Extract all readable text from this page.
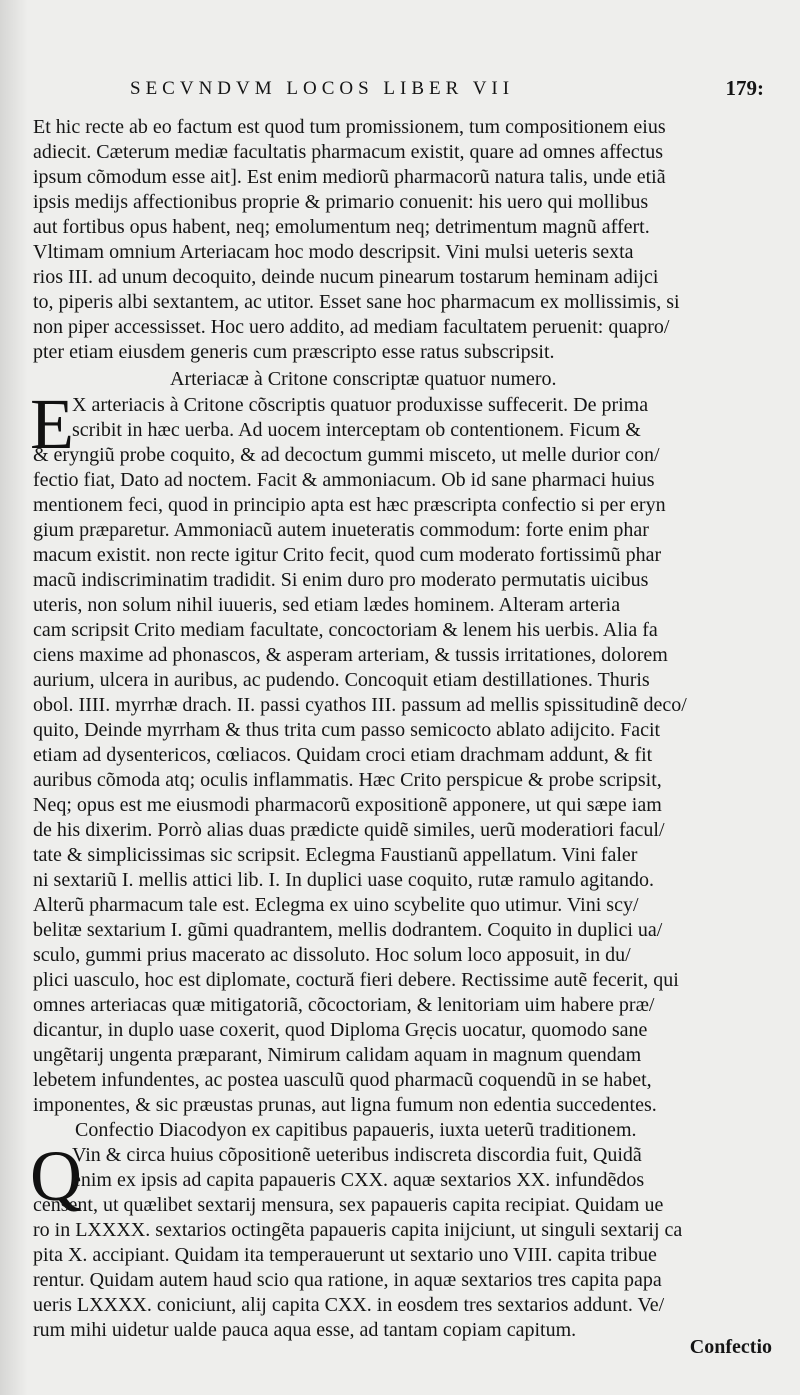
SECVNDVM LOCOS LIBER VII	179:
Et hic recte ab eo factum est quod tum promissionem, tum compositionem eius
adiecit. Cæterum mediæ facultatis pharmacum existit, quare ad omnes affectus
ipsum cõmodum esse ait]. Est enim mediorũ pharmacorũ natura talis, unde etiã
ipsis medijs affectionibus proprie & primario conuenit: his uero qui mollibus
aut fortibus opus habent, neq; emolumentum neq; detrimentum magnũ affert.
Vltimam omnium Arteriacam hoc modo descripsit. Vini mulsi ueteris sexta
rios III. ad unum decoquito, deinde nucum pinearum tostarum heminam adijci
to, piperis albi sextantem, ac utitor. Esset sane hoc pharmacum ex mollissimis, si
non piper accessisset. Hoc uero addito, ad mediam facultatem peruenit: quapro/
pter etiam eiusdem generis cum præscripto esse ratus subscripsit.
Arteriacæ à Critone conscriptæ quatuor numero.
E
X arteriacis à Critone cõscriptis quatuor produxisse suffecerit. De prima
scribit in hæc uerba. Ad uocem interceptam ob contentionem. Ficum &
& eryngiũ probe coquito, & ad decoctum gummi misceto, ut melle durior con/
fectio fiat, Dato ad noctem. Facit & ammoniacum. Ob id sane pharmaci huius
mentionem feci, quod in principio apta est hæc præscripta confectio si per eryn
gium præparetur. Ammoniacũ autem inueteratis commodum: forte enim phar
macum existit. non recte igitur Crito fecit, quod cum moderato fortissimũ phar
macũ indiscriminatim tradidit. Si enim duro pro moderato permutatis uicibus
uteris, non solum nihil iuueris, sed etiam lædes hominem. Alteram arteria
cam scripsit Crito mediam facultate, concoctoriam & lenem his uerbis. Alia fa
ciens maxime ad phonascos, & asperam arteriam, & tussis irritationes, dolorem
aurium, ulcera in auribus, ac pudendo. Concoquit etiam destillationes. Thuris
obol. IIII. myrrhæ drach. II. passi cyathos III. passum ad mellis spissitudinẽ deco/
quito, Deinde myrrham & thus trita cum passo semicocto ablato adijcito. Facit
etiam ad dysentericos, cœliacos. Quidam croci etiam drachmam addunt, & fit
auribus cõmoda atq; oculis inflammatis. Hæc Crito perspicue & probe scripsit,
Neq; opus est me eiusmodi pharmacorũ expositionẽ apponere, ut qui sæpe iam
de his dixerim. Porrò alias duas prædicte quidẽ similes, uerũ moderatiori facul/
tate & simplicissimas sic scripsit. Eclegma Faustianũ appellatum. Vini faler
ni sextariũ I. mellis attici lib. I. In duplici uase coquito, rutæ ramulo agitando.
Alterũ pharmacum tale est. Eclegma ex uino scybelite quo utimur. Vini scy/
belitæ sextarium I. gũmi quadrantem, mellis dodrantem. Coquito in duplici ua/
sculo, gummi prius macerato ac dissoluto. Hoc solum loco apposuit, in du/
plici uasculo, hoc est diplomate, coctură fieri debere. Rectissime autẽ fecerit, qui
omnes arteriacas quæ mitigatoriã, cõcoctoriam, & lenitoriam uim habere præ/
dicantur, in duplo uase coxerit, quod Diploma Grẹcis uocatur, quomodo sane
ungẽtarij ungenta præparant, Nimirum calidam aquam in magnum quendam
lebetem infundentes, ac postea uasculũ quod pharmacũ coquendũ in se habet,
imponentes, & sic præustas prunas, aut ligna fumum non edentia succedentes.
Confectio Diacodyon ex capitibus papaueris, iuxta ueterũ traditionem.
Q
Vin & circa huius cõpositionẽ ueteribus indiscreta discordia fuit, Quidã
enim ex ipsis ad capita papaueris CXX. aquæ sextarios XX. infundẽdos
censent, ut quælibet sextarij mensura, sex papaueris capita recipiat. Quidam ue
ro in LXXXX. sextarios octingẽta papaueris capita inijciunt, ut singuli sextarij ca
pita X. accipiant. Quidam ita temperauerunt ut sextario uno VIII. capita tribue
rentur. Quidam autem haud scio qua ratione, in aquæ sextarios tres capita papa
ueris LXXXX. coniciunt, alij capita CXX. in eosdem tres sextarios addunt. Ve/
rum mihi uidetur ualde pauca aqua esse, ad tantam copiam capitum.
Confectio
